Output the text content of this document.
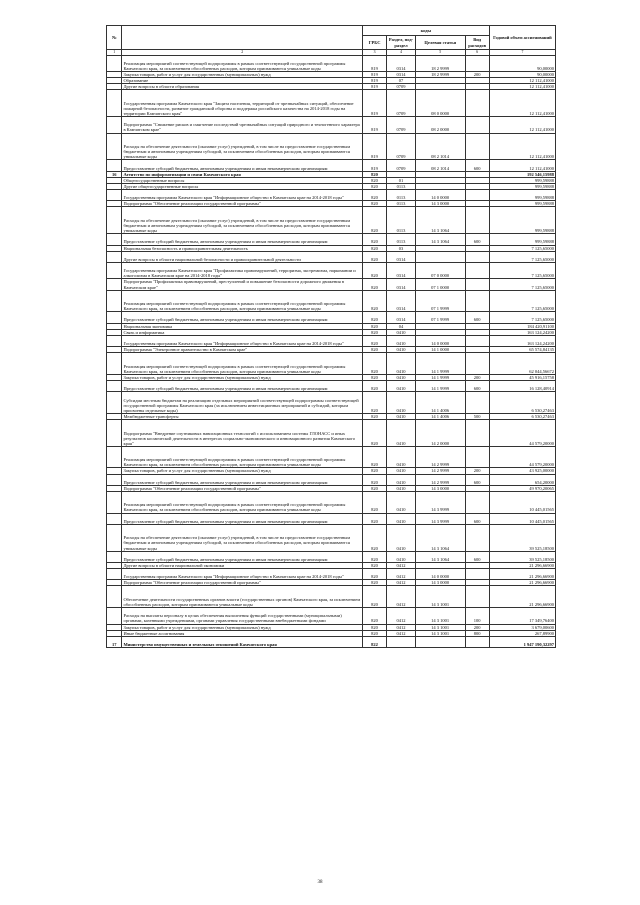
№		коды				Годовой объем ассигнований
		ГРБС	Раздел, под-раздел	Целевая статья	Вид расходов	
1	2	3	4	5	6	7
	Реализация мероприятий соответствующей подпрограммы в рамках соответствующей государственной программы Камчатского края, за исключением обособленных расходов, которым присваиваются уникальные коды	819	0314	18 2 9999		90,00000
	Закупка товаров, работ и услуг для государственных (муниципальных) нужд	819	0314	18 2 9999	200	90,00000
	Образование	819	07			12 112,41000
	Другие вопросы в области образования	819	0709			12 112,41000
	Государственная программа Камчатского края "Защита населения, территорий от чрезвычайных ситуаций, обеспечение пожарной безопасности, развитие гражданской обороны и поддержка российского казачества на 2014-2018 годы на территории Камчатского края"	819	0709	08 0 0000		12 112,41000
	Подпрограмма "Снижение рисков и смягчение последствий чрезвычайных ситуаций природного и техногенного характера в Камчатском крае"	819	0709	08 2 0000		12 112,41000
	Расходы на обеспечение деятельности (оказание услуг) учреждений, в том числе на предоставление государственным бюджетным и автономным учреждениям субсидий, за исключением обособленных расходов, которым присваиваются уникальные коды	819	0709	08 2 1014		12 112,41000
	Предоставление субсидий бюджетным, автономным учреждениям и иным некоммерческим организациям	819	0709	08 2 1014	600	12 112,41000
16	Агентство по информатизации и связи Камчатского края	820				192 546,15988
	Общегосударственные вопросы	820	01			999,59888
	Другие общегосударственные вопросы	820	0113			999,59888
	Государственная программа Камчатского края "Информационное общество в Камчатском крае на 2014-2018 годы"	820	0113	14 0 0000		999,59888
	Подпрограмма "Обеспечение реализации государственной программы"	820	0113	14 3 0000		999,59888
	Расходы на обеспечение деятельности (оказание услуг) учреждений, в том числе на предоставление государственным бюджетным и автономным учреждениям субсидий, за исключением обособленных расходов, которым присваиваются уникальные коды	820	0113	14 3 1064		999,59888
	Предоставление субсидий бюджетным, автономным учреждениям и иным некоммерческим организациям	820	0113	14 3 1064	600	999,59888
	Национальная безопасность и правоохранительная деятельность	820	03			7 125,65000
	Другие вопросы в области национальной безопасности и правоохранительной деятельности	820	0314			7 125,65000
	Государственная программа Камчатского края "Профилактика правонарушений, терроризма, экстремизма, наркомании и алкоголизма в Камчатском крае на 2014-2018 годы"	820	0314	07 0 0000		7 125,65000
	Подпрограмма "Профилактика правонарушений, преступлений и повышение безопасности дорожного движения в Камчатском крае"	820	0314	07 1 0000		7 125,65000
	Реализация мероприятий соответствующей подпрограммы в рамках соответствующей государственной программы Камчатского края, за исключением обособленных расходов, которым присваиваются уникальные коды	820	0314	07 1 9999		7 125,65000
	Предоставление субсидий бюджетным, автономным учреждениям и иным некоммерческим организациям	820	0314	07 1 9999	600	7 125,65000
	Национальная экономика	820	04			184 420,91100
	Связь и информатика	820	0410			163 124,24200
	Государственная программа Камчатского края "Информационное общество в Камчатском крае на 2014-2018 годы"	820	0410	14 0 0000		163 124,24200
	Подпрограмма "Электронное правительство в Камчатском крае"	820	0410	14 1 0000		65 574,84135
	Реализация мероприятий соответствующей подпрограммы в рамках соответствующей государственной программы Камчатского края, за исключением обособленных расходов, которым присваиваются уникальные коды	820	0410	14 1 9999		62 044,56672
	Закупка товаров, работ и услуг для государственных (муниципальных) нужд	820	0410	14 1 9999	200	45 916,15758
	Предоставление субсидий бюджетным, автономным учреждениям и иным некоммерческим организациям	820	0410	14 1 9999	600	16 128,40914
	Субсидии местным бюджетам на реализацию отдельных мероприятий соответствующей подпрограммы соответствующей государственной программы Камчатского края (за исключением инвестиционных мероприятий и субсидий, которым присвоены отдельные коды)	820	0410	14 1 4006		6 530,27463
	Межбюджетные трансферты	820	0410	14 1 4006	500	6 530,27463
	Подпрограмма "Внедрение спутниковых навигационных технологий с использованием системы ГЛОНАСС и иных результатов космической деятельности в интересах социально-экономического и инновационного развития Камчатского края"	820	0410	14 2 0000		44 579,20000
	Реализация мероприятий соответствующей подпрограммы в рамках соответствующей государственной программы Камчатского края, за исключением обособленных расходов, которым присваиваются уникальные коды	820	0410	14 2 9999		44 579,20000
	Закупка товаров, работ и услуг для государственных (муниципальных) нужд	820	0410	14 2 9999	200	43 925,00000
	Предоставление субсидий бюджетным, автономным учреждениям и иным некоммерческим организациям	820	0410	14 2 9999	600	654,20000
	Подпрограмма "Обеспечение реализации государственной программы"	820	0410	14 3 0000		49 970,20065
	Реализация мероприятий соответствующей подпрограммы в рамках соответствующей государственной программы Камчатского края, за исключением обособленных расходов, которым присваиваются уникальные коды	820	0410	14 3 9999		10 445,01565
	Предоставление субсидий бюджетным, автономным учреждениям и иным некоммерческим организациям	820	0410	14 3 9999	600	10 445,01565
	Расходы на обеспечение деятельности (оказание услуг) учреждений, в том числе на предоставление государственным бюджетным и автономным учреждениям субсидий, за исключением обособленных расходов, которым присваиваются уникальные коды	820	0410	14 3 1064		39 525,18500
	Предоставление субсидий бюджетным, автономным учреждениям и иным некоммерческим организациям	820	0410	14 3 1064	600	39 525,18500
	Другие вопросы в области национальной экономики	820	0412			21 296,66900
	Государственная программа Камчатского края "Информационное общество в Камчатском крае на 2014-2018 годы"	820	0412	14 0 0000		21 296,66900
	Подпрограмма "Обеспечение реализации государственной программы"	820	0412	14 3 0000		21 296,66900
	Обеспечение деятельности государственных органов власти (государственных органов) Камчатского края, за исключением обособленных расходов, которым присваиваются уникальные коды	820	0412	14 3 1001		21 296,66900
	Расходы на выплаты персоналу в целях обеспечения выполнения функций государственными (муниципальными) органами, казенными учреждениями, органами управления государственными внебюджетными фондами	820	0412	14 3 1001	100	17 349,76400
	Закупка товаров, работ и услуг для государственных (муниципальных) нужд	820	0412	14 3 1001	200	3 679,00600
	Иные бюджетные ассигнования	820	0412	14 3 1001	800	267,89900
17	Министерство имущественных и земельных отношений Камчатского края	822				1 947 190,32297
38
